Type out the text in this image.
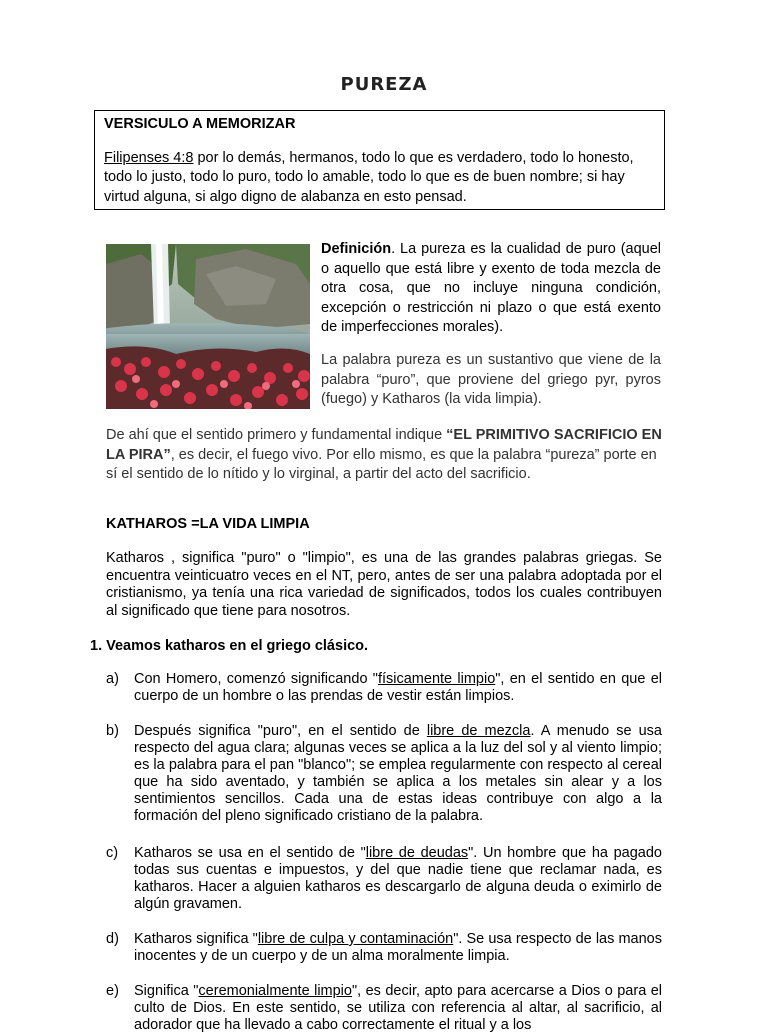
PUREZA
VERSICULO A MEMORIZAR
Filipenses 4:8 por lo demás, hermanos, todo lo que es verdadero, todo lo honesto, todo lo justo, todo lo puro, todo lo amable, todo lo que es de buen nombre; si hay virtud alguna, si algo digno de alabanza en esto pensad.

Definición. La pureza es la cualidad de puro (aquel o aquello que está libre y exento de toda mezcla de otra cosa, que no incluye ninguna condición, excepción o restricción ni plazo o que está exento de imperfecciones morales).

La palabra pureza es un sustantivo que viene de la palabra “puro”, que proviene del griego pyr, pyros (fuego) y Katharos (la vida limpia).

De ahí que el sentido primero y fundamental indique “EL PRIMITIVO SACRIFICIO EN LA PIRA”, es decir, el fuego vivo. Por ello mismo, es que la palabra “pureza” porte en sí el sentido de lo nítido y lo virginal, a partir del acto del sacrificio.

KATHAROS =LA VIDA LIMPIA

Katharos , significa "puro" o "limpio", es una de las grandes palabras griegas. Se encuentra veinticuatro veces en el NT, pero, antes de ser una palabra adoptada por el cristianismo, ya tenía una rica variedad de significados, todos los cuales contribuyen al significado que tiene para nosotros.

1. Veamos katharos en el griego clásico.
a) Con Homero, comenzó significando "físicamente limpio", en el sentido en que el cuerpo de un hombre o las prendas de vestir están limpios.
b) Después significa "puro", en el sentido de libre de mezcla. A menudo se usa respecto del agua clara; algunas veces se aplica a la luz del sol y al viento limpio; es la palabra para el pan "blanco"; se emplea regularmente con respecto al cereal que ha sido aventado, y también se aplica a los metales sin alear y a los sentimientos sencillos. Cada una de estas ideas contribuye con algo a la formación del pleno significado cristiano de la palabra.
c) Katharos se usa en el sentido de "libre de deudas". Un hombre que ha pagado todas sus cuentas e impuestos, y del que nadie tiene que reclamar nada, es katharos. Hacer a alguien katharos es descargarlo de alguna deuda o eximirlo de algún gravamen.
d) Katharos significa "libre de culpa y contaminación". Se usa respecto de las manos inocentes y de un cuerpo y de un alma moralmente limpia.
e) Significa "ceremonialmente limpio", es decir, apto para acercarse a Dios o para el culto de Dios. En este sentido, se utiliza con referencia al altar, al sacrificio, al adorador que ha llevado a cabo correctamente el ritual y a los
